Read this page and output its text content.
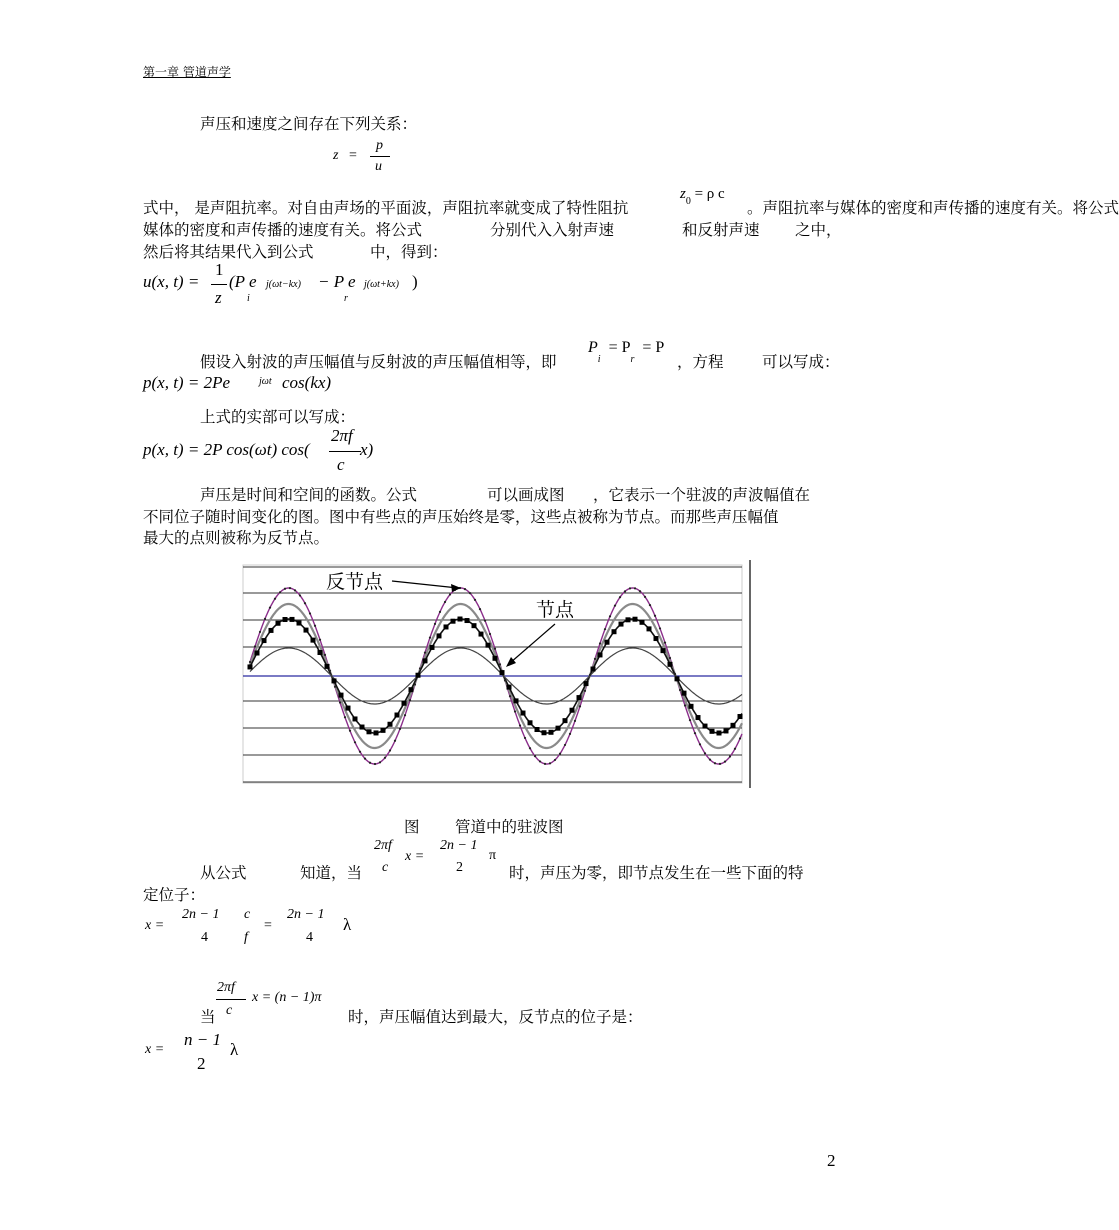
第一章 管道声学
声压和速度之间存在下列关系：
z =
p
u
式中， 是声阻抗率。对自由声场的平面波，声阻抗率就变成了特性阻抗
$z_0 = \rho$ c
。声阻抗率与媒体的密度和声传播的速度有关。将公式
媒体的密度和声传播的速度有关。将公式	分别代入入射声速	和反射声速 之中，
然后将其结果代入到公式	中，得到：
u(x, t) =
1
z
(P e j(ωt−kx)
i
− P e j(ωt+kx)
r
)
假设入射波的声压幅值与反射波的声压幅值相等，即
$P_i = P_r = P$
，方程 可以写成：
p(x, t) = 2Pe	jωt cos(kx)
上式的实部可以写成：
p(x, t) = 2P cos(ωt) cos(
2πf
c
x)
声压是时间和空间的函数。公式	可以画成图 ，它表示一个驻波的声波幅值在
不同位子随时间变化的图。图中有些点的声压始终是零，这些点被称为节点。而那些声压幅值
最大的点则被称为反节点。
反节点
节点
图 管道中的驻波图
2πf
c
x =
2n − 1
2
π
从公式	知道，当	时，声压为零，即节点发生在一些下面的特
定位子：
x =
2n − 1
4
c
f
=
2n − 1
4
λ
当
2πf
c
x = (n − 1)π
时，声压幅值达到最大，反节点的位子是：
x =
n − 1
2
λ
2
